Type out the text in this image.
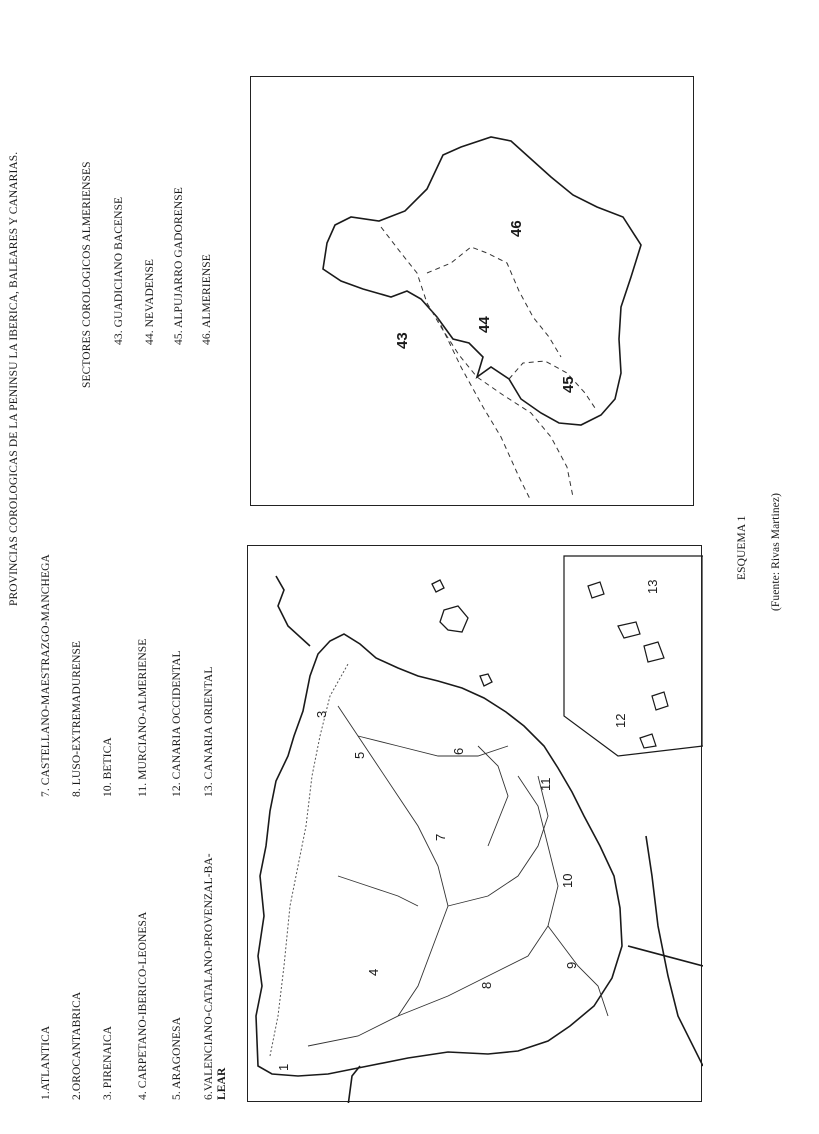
PROVINCIAS COROLOGICAS DE LA PENINSU LA IBERICA, BALEARES Y CANARIAS.
1.ATLANTICA 2.OROCANTABRICA 3. PIRENAICA 4. CARPETANO-IBERICO-LEONESA 5. ARAGONESA 6.VALENCIANO-CATALANO-PROVENZAL-BA- LEAR
7. CASTELLANO-MAESTRAZGO-MANCHEGA 8. LUSO-EXTREMADURENSE 10. BETICA 11. MURCIANO-ALMERIENSE 12. CANARIA OCCIDENTAL 13. CANARIA ORIENTAL
SECTORES COROLOGICOS ALMERIENSES 43. GUADICIANO BACENSE 44. NEVADENSE 45. ALPUJARRO GADORENSE 46. ALMERIENSE
1
3
4
5
6
7
8
9
10
11
12
13
43
44
45
46
ESQUEMA 1 (Fuente: Rivas Martinez)
